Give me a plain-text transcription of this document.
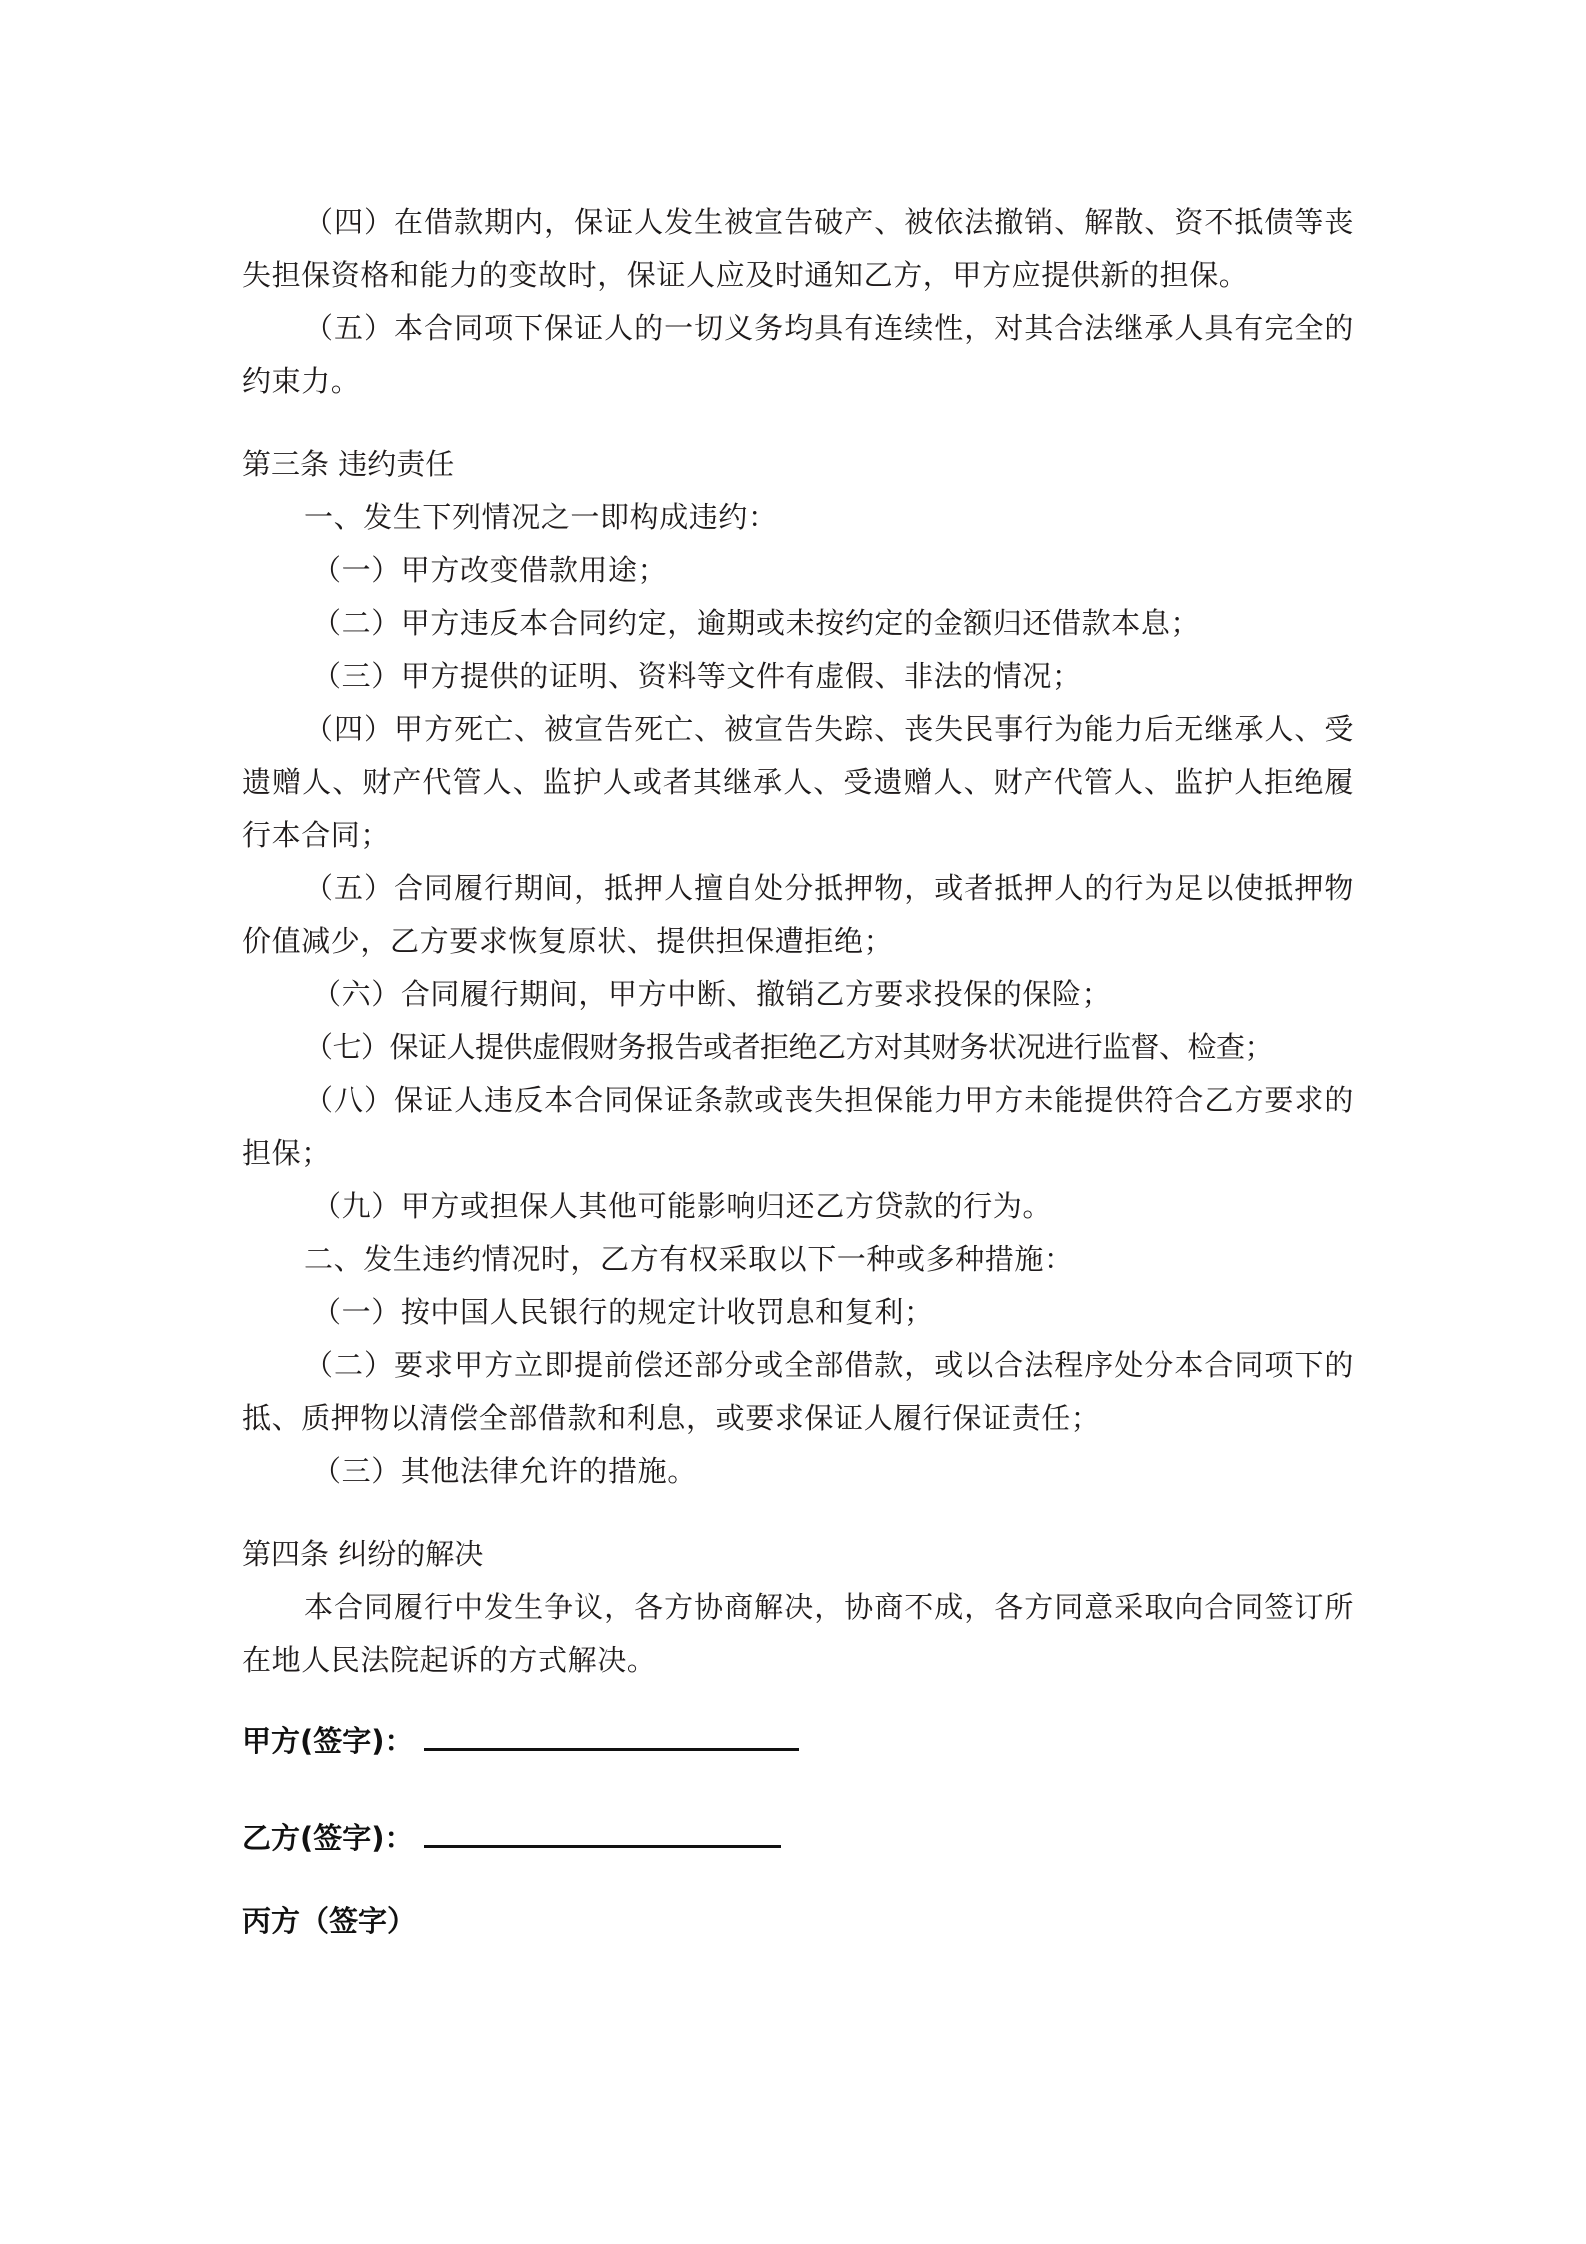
（四）在借款期内，保证人发生被宣告破产、被依法撤销、解散、资不抵债等丧失担保资格和能力的变故时，保证人应及时通知乙方，甲方应提供新的担保。
（五）本合同项下保证人的一切义务均具有连续性，对其合法继承人具有完全的约束力。
第三条 违约责任
一、发生下列情况之一即构成违约：
（一）甲方改变借款用途；
（二）甲方违反本合同约定，逾期或未按约定的金额归还借款本息；
（三）甲方提供的证明、资料等文件有虚假、非法的情况；
（四）甲方死亡、被宣告死亡、被宣告失踪、丧失民事行为能力后无继承人、受遗赠人、财产代管人、监护人或者其继承人、受遗赠人、财产代管人、监护人拒绝履行本合同；
（五）合同履行期间，抵押人擅自处分抵押物，或者抵押人的行为足以使抵押物价值减少，乙方要求恢复原状、提供担保遭拒绝；
（六）合同履行期间，甲方中断、撤销乙方要求投保的保险；
（七）保证人提供虚假财务报告或者拒绝乙方对其财务状况进行监督、检查；
（八）保证人违反本合同保证条款或丧失担保能力甲方未能提供符合乙方要求的担保；
（九）甲方或担保人其他可能影响归还乙方贷款的行为。
二、发生违约情况时，乙方有权采取以下一种或多种措施：
（一）按中国人民银行的规定计收罚息和复利；
（二）要求甲方立即提前偿还部分或全部借款，或以合法程序处分本合同项下的抵、质押物以清偿全部借款和利息，或要求保证人履行保证责任；
（三）其他法律允许的措施。
第四条 纠纷的解决
本合同履行中发生争议，各方协商解决，协商不成，各方同意采取向合同签订所在地人民法院起诉的方式解决。
甲方(签字)：
乙方(签字)：
丙方（签字）
